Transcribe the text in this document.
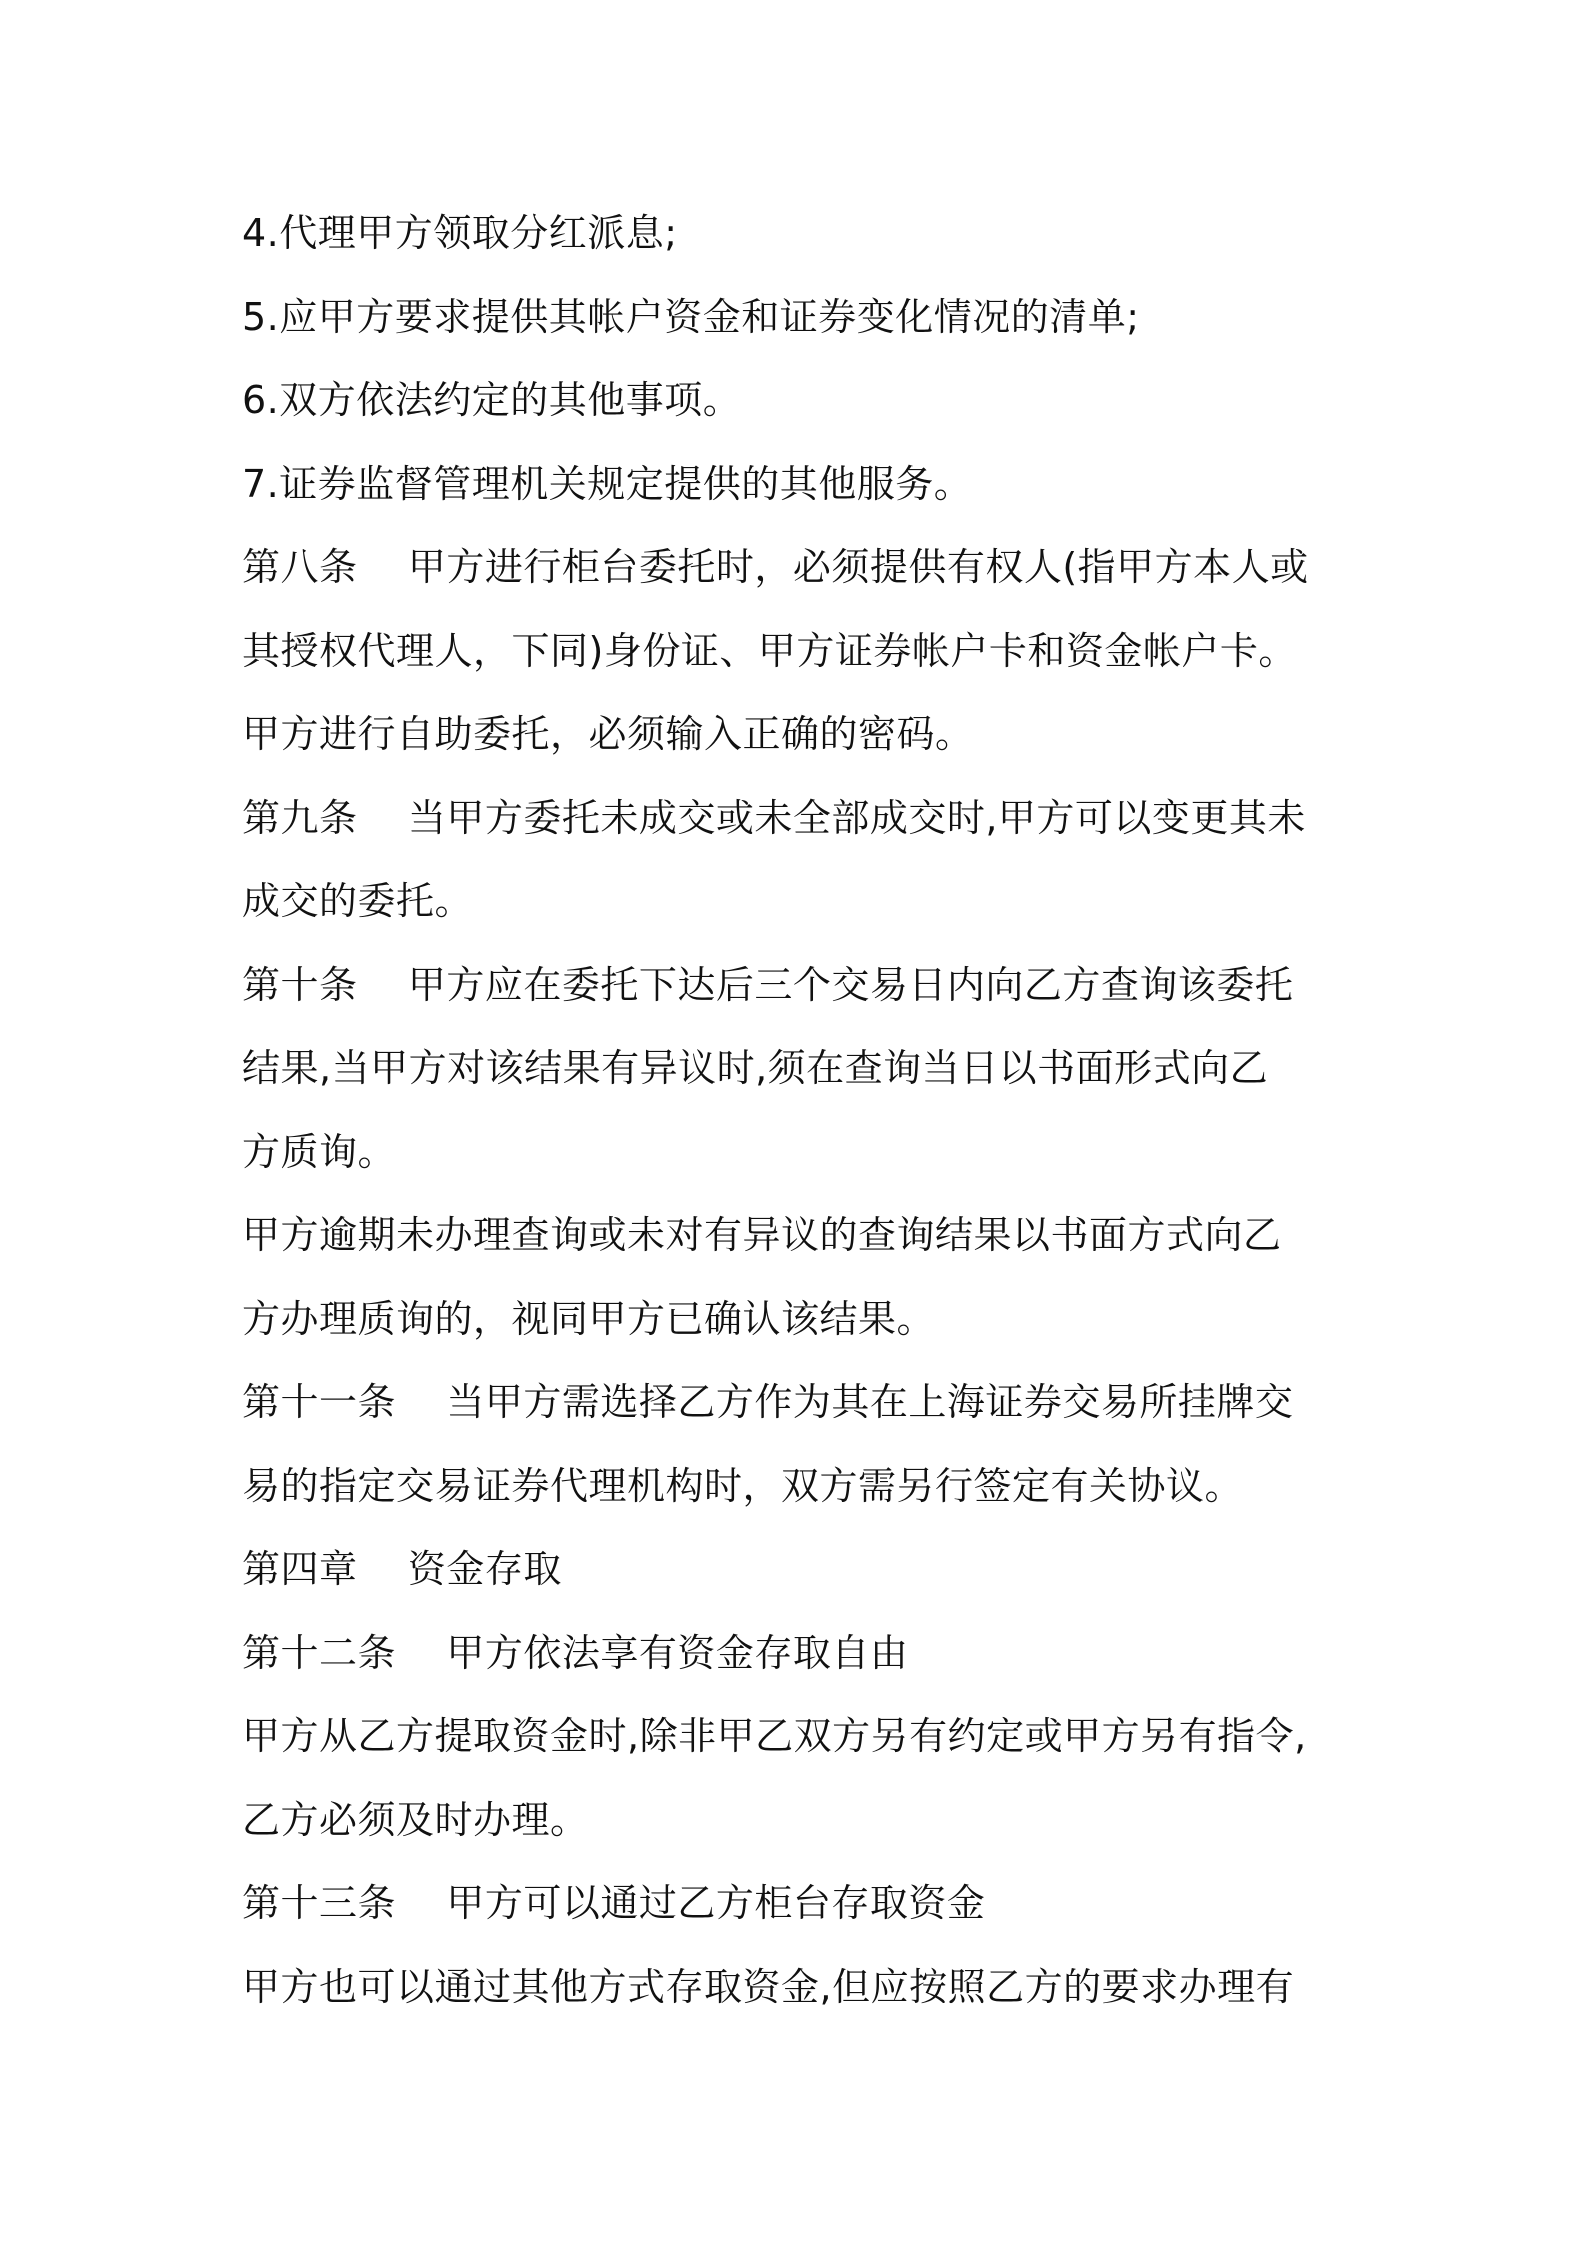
4.代理甲方领取分红派息;
5.应甲方要求提供其帐户资金和证券变化情况的清单;
6.双方依法约定的其他事项。
7.证券监督管理机关规定提供的其他服务。
第八条    甲方进行柜台委托时，必须提供有权人(指甲方本人或
其授权代理人，下同)身份证、甲方证券帐户卡和资金帐户卡。
甲方进行自助委托，必须输入正确的密码。
第九条    当甲方委托未成交或未全部成交时,甲方可以变更其未
成交的委托。
第十条    甲方应在委托下达后三个交易日内向乙方查询该委托
结果,当甲方对该结果有异议时,须在查询当日以书面形式向乙
方质询。
甲方逾期未办理查询或未对有异议的查询结果以书面方式向乙
方办理质询的，视同甲方已确认该结果。
第十一条    当甲方需选择乙方作为其在上海证券交易所挂牌交
易的指定交易证券代理机构时，双方需另行签定有关协议。
第四章    资金存取
第十二条    甲方依法享有资金存取自由
甲方从乙方提取资金时,除非甲乙双方另有约定或甲方另有指令,
乙方必须及时办理。
第十三条    甲方可以通过乙方柜台存取资金
甲方也可以通过其他方式存取资金,但应按照乙方的要求办理有
